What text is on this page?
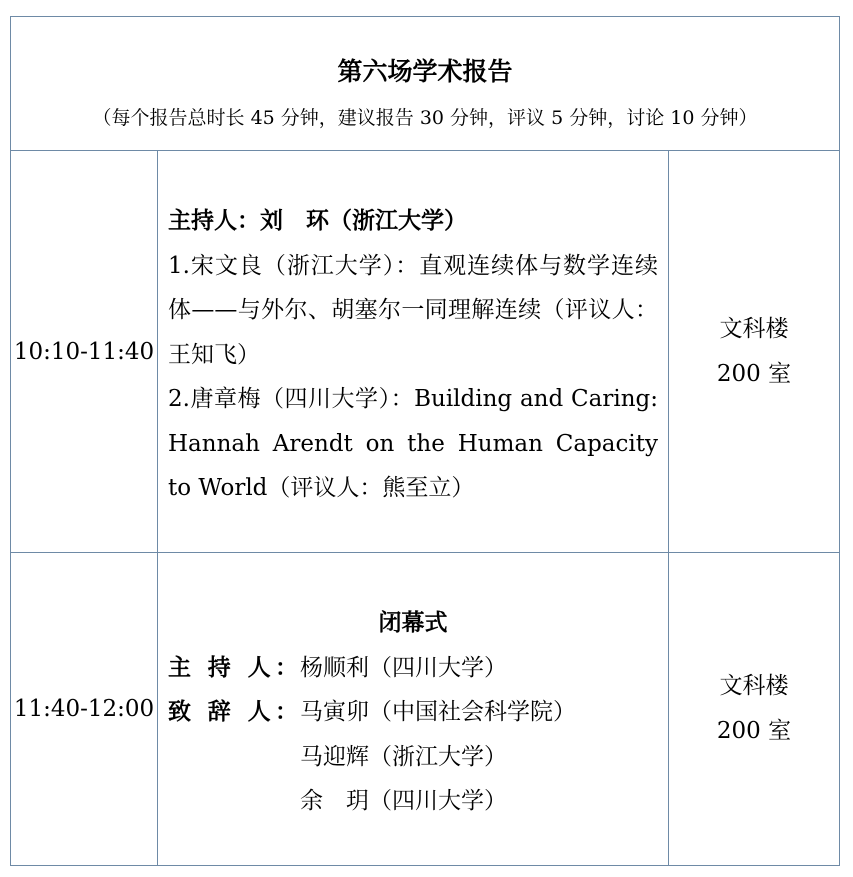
第六场学术报告
（每个报告总时长 45 分钟，建议报告 30 分钟，评议 5 分钟，讨论 10 分钟）
10:10-11:40
主持人：刘　环（浙江大学）
1.宋文良（浙江大学）：直观连续体与数学连续体——与外尔、胡塞尔一同理解连续（评议人：王知飞）
2.唐章梅（四川大学）：Building and Caring: Hannah Arendt on the Human Capacity to World（评议人：熊至立）
文科楼
200 室
11:40-12:00
闭幕式
主 持 人： 杨顺利（四川大学）
致 辞 人： 马寅卯（中国社会科学院）
马迎辉（浙江大学）
余　玥（四川大学）
文科楼
200 室
